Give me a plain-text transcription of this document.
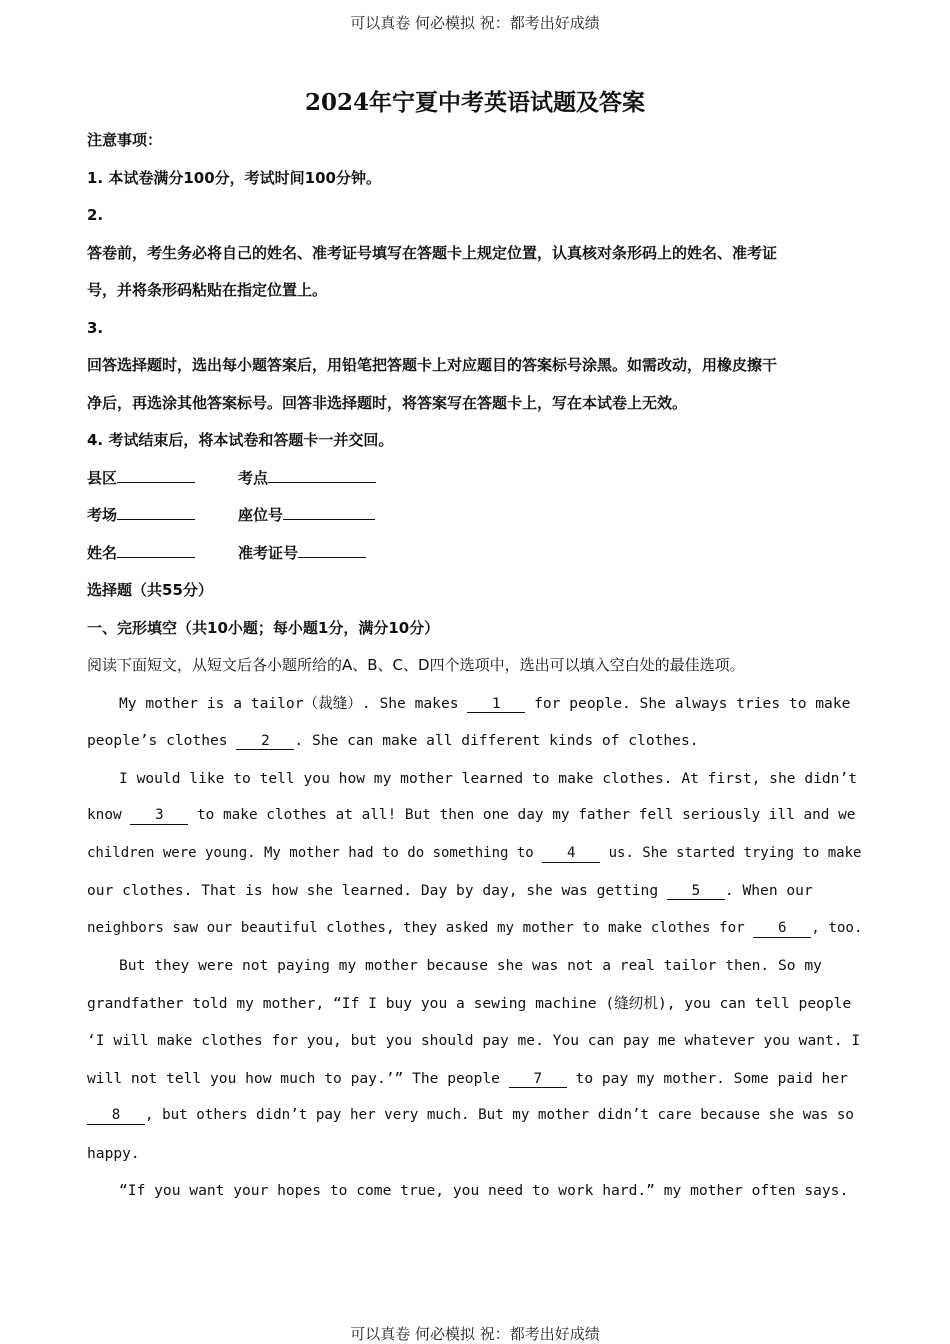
可以真卷 何必模拟 祝：都考出好成绩
2024年宁夏中考英语试题及答案
注意事项：
1. 本试卷满分100分，考试时间100分钟。
2.
答卷前，考生务必将自己的姓名、准考证号填写在答题卡上规定位置，认真核对条形码上的姓名、准考证
号，并将条形码粘贴在指定位置上。
3.
回答选择题时，选出每小题答案后，用铅笔把答题卡上对应题目的答案标号涂黑。如需改动，用橡皮擦干
净后，再选涂其他答案标号。回答非选择题时，将答案写在答题卡上，写在本试卷上无效。
4. 考试结束后，将本试卷和答题卡一并交回。
县区	考点
考场	座位号
姓名	准考证号
选择题（共55分）
一、完形填空（共10小题；每小题1分，满分10分）
阅读下面短文，从短文后各小题所给的A、B、C、D四个选项中，选出可以填入空白处的最佳选项。
My mother is a tailor（裁缝）. She makes 1 for people. She always tries to make
people’s clothes 2 . She can make all different kinds of clothes.
I would like to tell you how my mother learned to make clothes. At first, she didn’t
know 3 to make clothes at all! But then one day my father fell seriously ill and we
children were young. My mother had to do something to 4 us. She started trying to make
our clothes. That is how she learned. Day by day, she was getting 5 . When our
neighbors saw our beautiful clothes, they asked my mother to make clothes for 6 , too.
But they were not paying my mother because she was not a real tailor then. So my
grandfather told my mother, “If I buy you a sewing machine (缝纫机), you can tell people
‘I will make clothes for you, but you should pay me. You can pay me whatever you want. I
will not tell you how much to pay.’” The people 7 to pay my mother. Some paid her
8 , but others didn’t pay her very much. But my mother didn’t care because she was so
happy.
“If you want your hopes to come true, you need to work hard.” my mother often says.
可以真卷 何必模拟 祝：都考出好成绩
